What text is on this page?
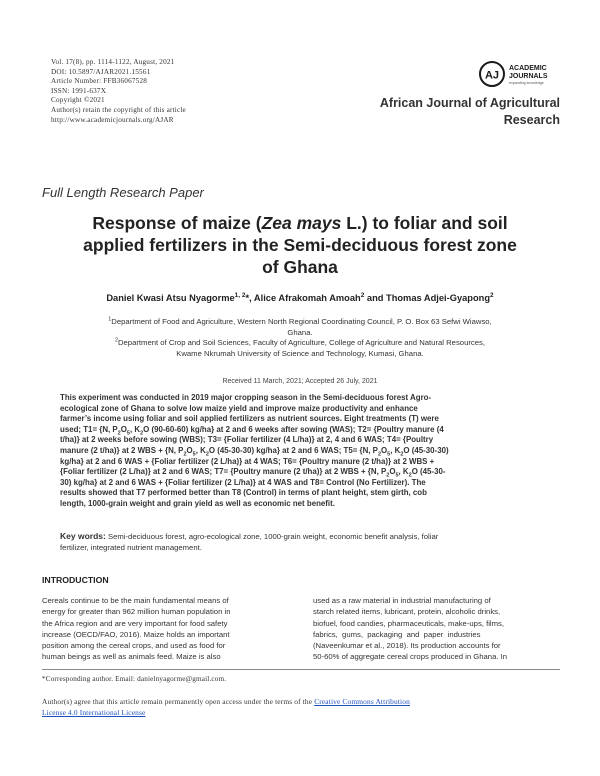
Vol. 17(8), pp. 1114-1122, August, 2021
DOI: 10.5897/AJAR2021.15561
Article Number: FFB36067528
ISSN: 1991-637X
Copyright ©2021
Author(s) retain the copyright of this article
http://www.academicjournals.org/AJAR
AJ
ACADEMIC
JOURNALS
expanding knowledge
African Journal of Agricultural
Research
Full Length Research Paper
Response of maize (Zea mays L.) to foliar and soil
applied fertilizers in the Semi-deciduous forest zone
of Ghana
Daniel Kwasi Atsu Nyagorme$^{1, 2}$*, Alice Afrakomah Amoah$^2$ and Thomas Adjei-Gyapong$^2$
$^1$Department of Food and Agriculture, Western North Regional Coordinating Council, P. O. Box 63 Sefwi Wiawso,
Ghana.
$^2$Department of Crop and Soil Sciences, Faculty of Agriculture, College of Agriculture and Natural Resources,
Kwame Nkrumah University of Science and Technology, Kumasi, Ghana.
Received 11 March, 2021; Accepted 26 July, 2021
This experiment was conducted in 2019 major cropping season in the Semi-deciduous forest Agro-
ecological zone of Ghana to solve low maize yield and improve maize productivity and enhance
farmer’s income using foliar and soil applied fertilizers as nutrient sources. Eight treatments (T) were
used; T1= {N, $P_2O_5$, $K_2O$ (90-60-60) kg/ha} at 2 and 6 weeks after sowing (WAS); T2= {Poultry manure (4
t/ha)} at 2 weeks before sowing (WBS); T3= {Foliar fertilizer (4 L/ha)} at 2, 4 and 6 WAS; T4= {Poultry
manure (2 t/ha)} at 2 WBS + {N, $P_2O_5$, $K_2O$ (45-30-30) kg/ha} at 2 and 6 WAS; T5= {N, $P_2O_5$, $K_2O$ (45-30-30)
kg/ha} at 2 and 6 WAS + {Foliar fertilizer (2 L/ha)} at 4 WAS; T6= {Poultry manure (2 t/ha)} at 2 WBS +
{Foliar fertilizer (2 L/ha)} at 2 and 6 WAS; T7= {Poultry manure (2 t/ha)} at 2 WBS + {N, $P_2O_5$, $K_2O$ (45-30-
30) kg/ha} at 2 and 6 WAS + {Foliar fertilizer (2 L/ha)} at 4 WAS and T8= Control (No Fertilizer). The
results showed that T7 performed better than T8 (Control) in terms of plant height, stem girth, cob
length, 1000-grain weight and grain yield as well as economic net benefit.
Key words: Semi-deciduous forest, agro-ecological zone, 1000-grain weight, economic benefit analysis, foliar
fertilizer, integrated nutrient management.
INTRODUCTION
Cereals continue to be the main fundamental means of
energy for greater than 962 million human population in
the Africa region and are very important for food safety
increase (OECD/FAO, 2016). Maize holds an important
position among the cereal crops, and used as food for
human beings as well as animals feed. Maize is also
used as a raw material in industrial manufacturing of
starch related items, lubricant, protein, alcoholic drinks,
biofuel, food candies, pharmaceuticals, make-ups, films,
fabrics,  gums,  packaging  and  paper  industries
(Naveenkumar et al., 2018). Its production accounts for
50-60% of aggregate cereal crops produced in Ghana. In
*Corresponding author. Email: danielnyagorme@gmail.com.
Author(s) agree that this article remain permanently open access under the terms of the Creative Commons Attribution
License 4.0 International License
